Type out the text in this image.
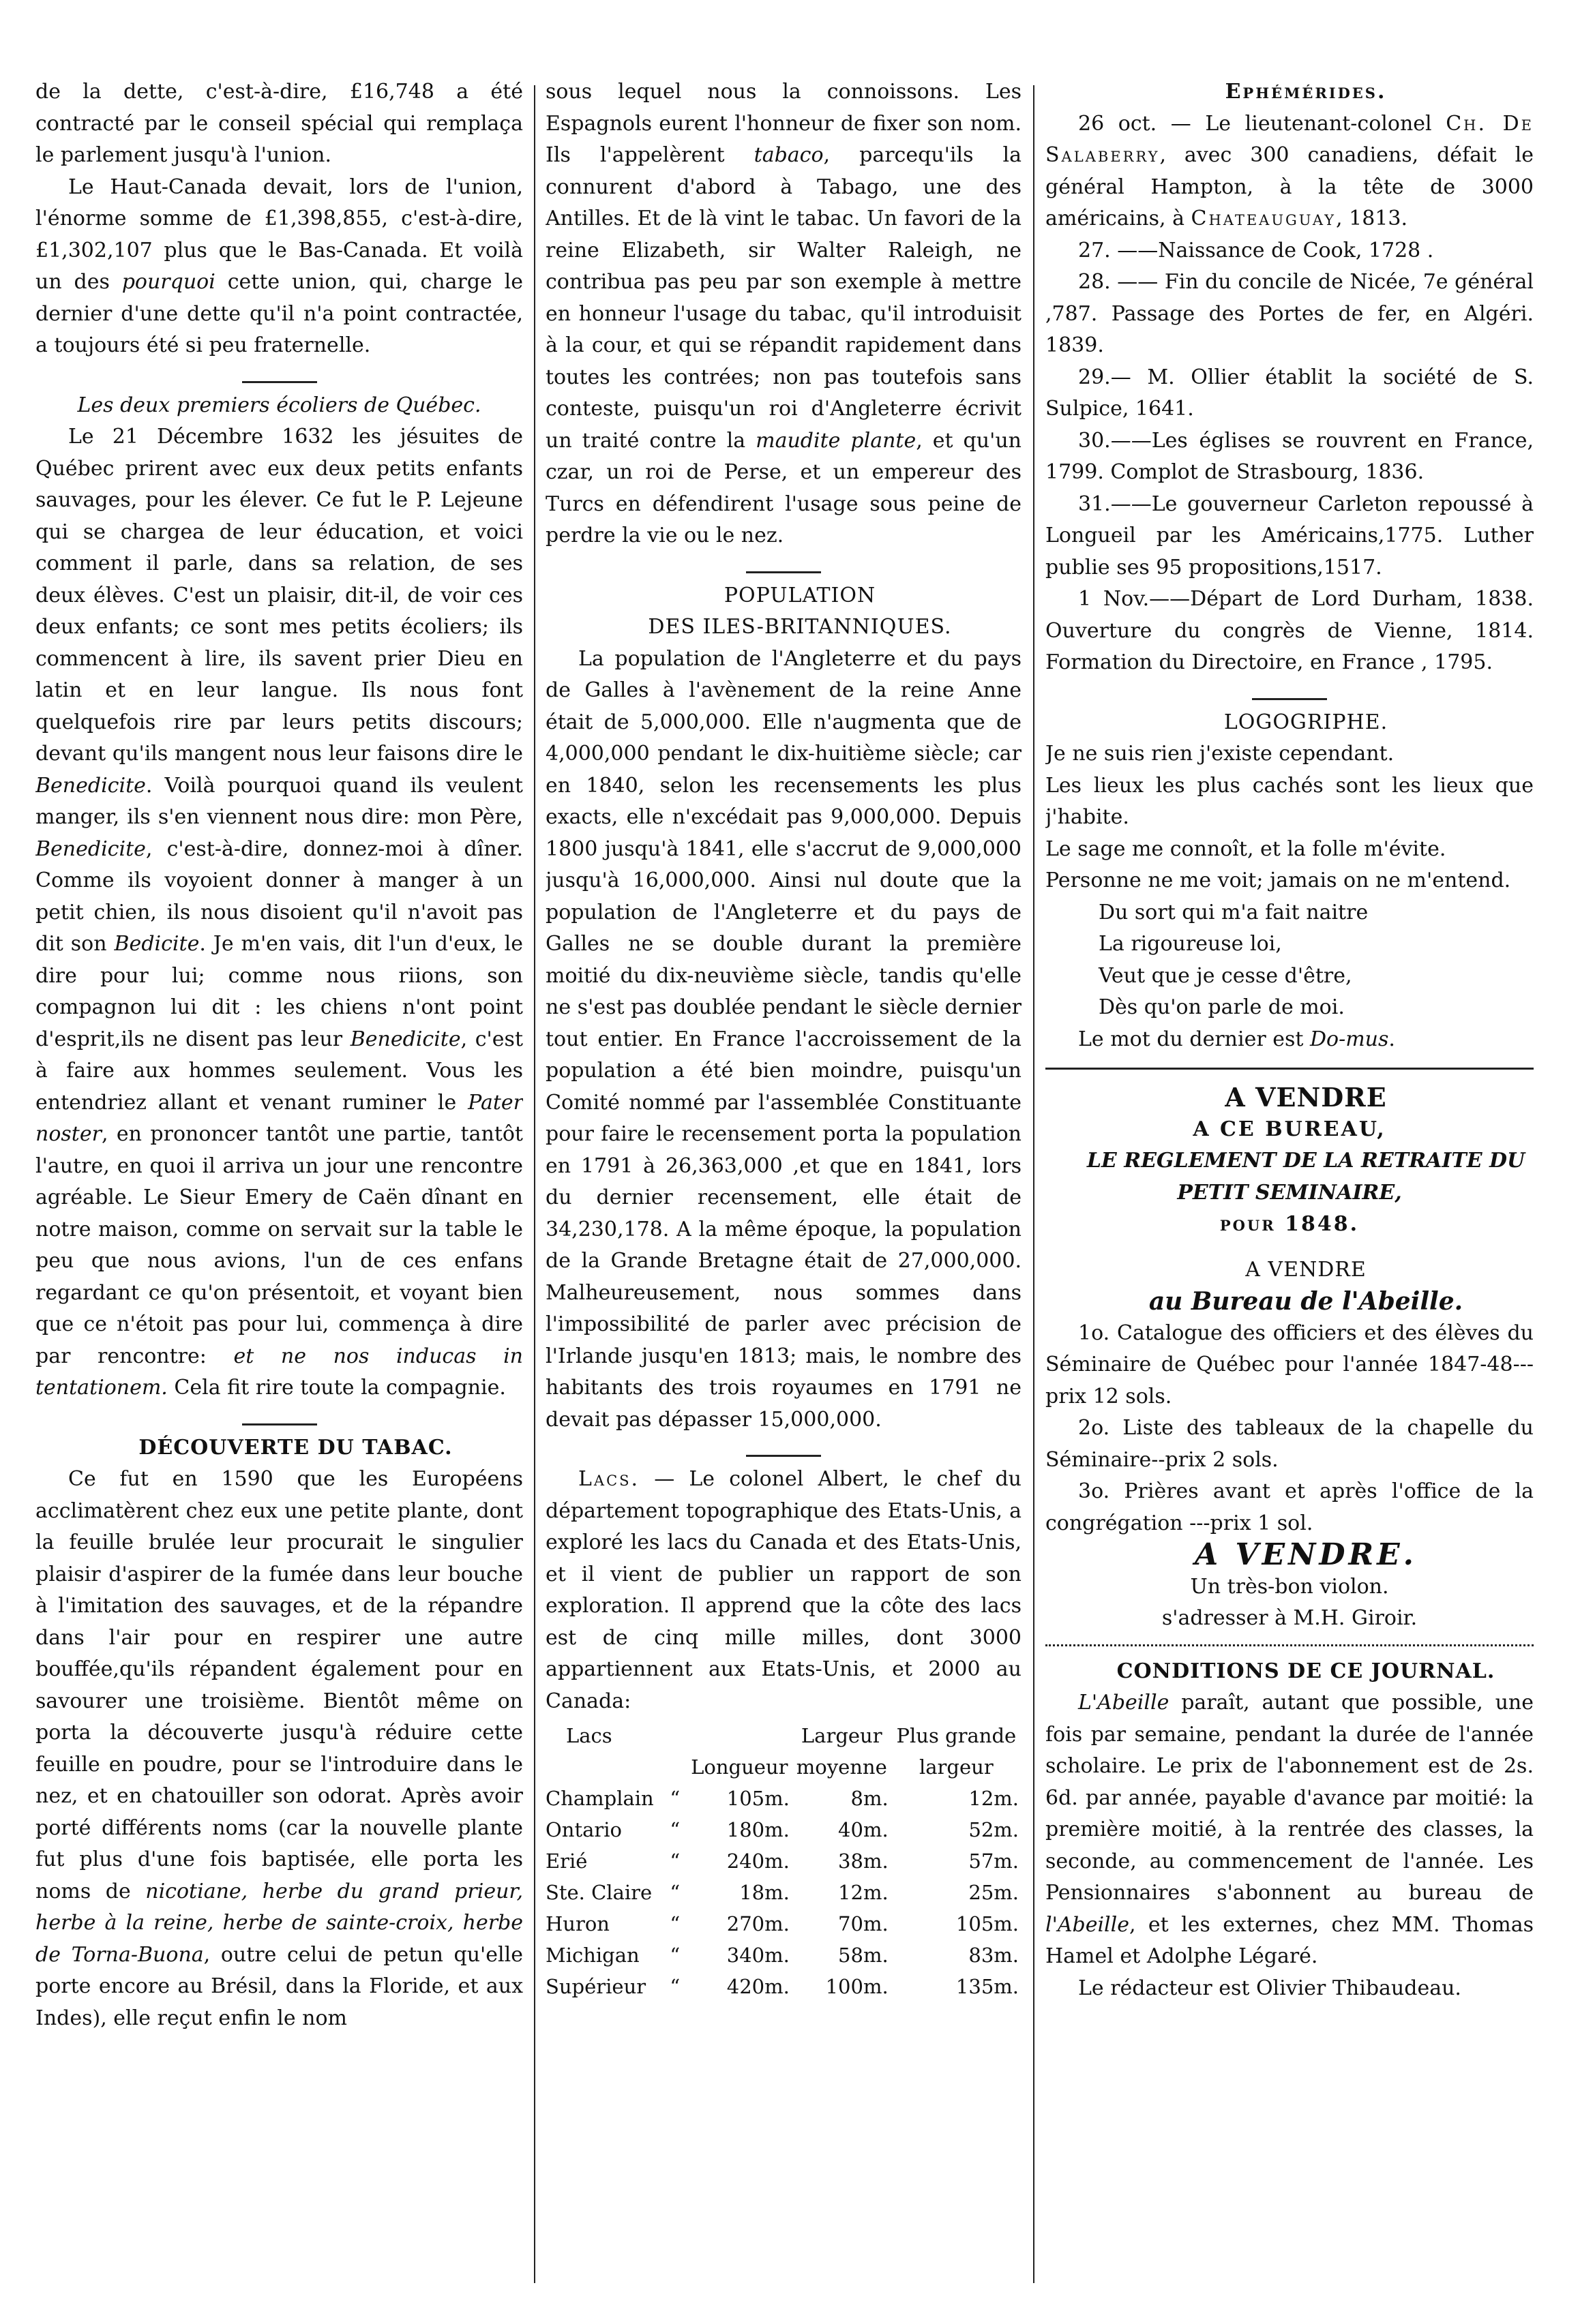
de la dette, c'est-à-dire, £16,748 a été contracté par le conseil spécial qui remplaça le parlement jusqu'à l'union.

Le Haut-Canada devait, lors de l'union, l'énorme somme de £1,398,855, c'est-à-dire, £1,302,107 plus que le Bas-Canada. Et voilà un des pourquoi cette union, qui, charge le dernier d'une dette qu'il n'a point contractée, a toujours été si peu fraternelle.

Les deux premiers écoliers de Québec.

Le 21 Décembre 1632 les jésuites de Québec prirent avec eux deux petits enfants sauvages, pour les élever. Ce fut le P. Lejeune qui se chargea de leur éducation, et voici comment il parle, dans sa relation, de ses deux élèves. C'est un plaisir, dit-il, de voir ces deux enfants; ce sont mes petits écoliers; ils commencent à lire, ils savent prier Dieu en latin et en leur langue. Ils nous font quelquefois rire par leurs petits discours; devant qu'ils mangent nous leur faisons dire le Benedicite. Voilà pourquoi quand ils veulent manger, ils s'en viennent nous dire: mon Père, Benedicite, c'est-à-dire, donnez-moi à dîner. Comme ils voyoient donner à manger à un petit chien, ils nous disoient qu'il n'avoit pas dit son Bedicite. Je m'en vais, dit l'un d'eux, le dire pour lui; comme nous riions, son compagnon lui dit : les chiens n'ont point d'esprit,ils ne disent pas leur Benedicite, c'est à faire aux hommes seulement. Vous les entendriez allant et venant ruminer le Pater noster, en prononcer tantôt une partie, tantôt l'autre, en quoi il arriva un jour une rencontre agréable. Le Sieur Emery de Caën dînant en notre maison, comme on servait sur la table le peu que nous avions, l'un de ces enfans regardant ce qu'on présentoit, et voyant bien que ce n'étoit pas pour lui, commença à dire par rencontre: et ne nos inducas in tentationem. Cela fit rire toute la compagnie.

DÉCOUVERTE DU TABAC.

Ce fut en 1590 que les Européens acclimatèrent chez eux une petite plante, dont la feuille brulée leur procurait le singulier plaisir d'aspirer de la fumée dans leur bouche à l'imitation des sauvages, et de la répandre dans l'air pour en respirer une autre bouffée,qu'ils répandent également pour en savourer une troisième. Bientôt même on porta la découverte jusqu'à réduire cette feuille en poudre, pour se l'introduire dans le nez, et en chatouiller son odorat. Après avoir porté différents noms (car la nouvelle plante fut plus d'une fois baptisée, elle porta les noms de nicotiane, herbe du grand prieur, herbe à la reine, herbe de sainte-croix, herbe de Torna-Buona, outre celui de petun qu'elle porte encore au Brésil, dans la Floride, et aux Indes), elle reçut enfin le nom

sous lequel nous la connoissons. Les Espagnols eurent l'honneur de fixer son nom. Ils l'appelèrent tabaco, parcequ'ils la connurent d'abord à Tabago, une des Antilles. Et de là vint le tabac. Un favori de la reine Elizabeth, sir Walter Raleigh, ne contribua pas peu par son exemple à mettre en honneur l'usage du tabac, qu'il introduisit à la cour, et qui se répandit rapidement dans toutes les contrées; non pas toutefois sans conteste, puisqu'un roi d'Angleterre écrivit un traité contre la maudite plante, et qu'un czar, un roi de Perse, et un empereur des Turcs en défendirent l'usage sous peine de perdre la vie ou le nez.

POPULATION

DES ILES-BRITANNIQUES.

La population de l'Angleterre et du pays de Galles à l'avènement de la reine Anne était de 5,000,000. Elle n'augmenta que de 4,000,000 pendant le dix-huitième siècle; car en 1840, selon les recensements les plus exacts, elle n'excédait pas 9,000,000. Depuis 1800 jusqu'à 1841, elle s'accrut de 9,000,000 jusqu'à 16,000,000. Ainsi nul doute que la population de l'Angleterre et du pays de Galles ne se double durant la première moitié du dix-neuvième siècle, tandis qu'elle ne s'est pas doublée pendant le siècle dernier tout entier. En France l'accroissement de la population a été bien moindre, puisqu'un Comité nommé par l'assemblée Constituante pour faire le recensement porta la population en 1791 à 26,363,000 ,et que en 1841, lors du dernier recensement, elle était de 34,230,178. A la même époque, la population de la Grande Bretagne était de 27,000,000. Malheureusement, nous sommes dans l'impossibilité de parler avec précision de l'Irlande jusqu'en 1813; mais, le nombre des habitants des trois royaumes en 1791 ne devait pas dépasser 15,000,000.

Lacs. — Le colonel Albert, le chef du département topographique des Etats-Unis, a exploré les lacs du Canada et des Etats-Unis, et il vient de publier un rapport de son exploration. Il apprend que la côte des lacs est de cinq mille milles, dont 3000 appartiennent aux Etats-Unis, et 2000 au Canada:

Lacs			Largeur	Plus grande
		Longueur	moyenne	largeur
Champlain	“	105m.	8m.	12m.
Ontario	“	180m.	40m.	52m.
Erié	“	240m.	38m.	57m.
Ste. Claire	“	18m.	12m.	25m.
Huron	“	270m.	70m.	105m.
Michigan	“	340m.	58m.	83m.
Supérieur	“	420m.	100m.	135m.

Ephémérides.

26 oct. — Le lieutenant-colonel Ch. De Salaberry, avec 300 canadiens, défait le général Hampton, à la tête de 3000 américains, à Chateauguay, 1813.

27. ——Naissance de Cook, 1728 .

28. —— Fin du concile de Nicée, 7e général ,787. Passage des Portes de fer, en Algéri. 1839.

29.— M. Ollier établit la société de S. Sulpice, 1641.

30.——Les églises se rouvrent en France, 1799. Complot de Strasbourg, 1836.

31.——Le gouverneur Carleton repoussé à Longueil par les Américains,1775. Luther publie ses 95 propositions,1517.

1 Nov.——Départ de Lord Durham, 1838. Ouverture du congrès de Vienne, 1814. Formation du Directoire, en France , 1795.

LOGOGRIPHE.

Je ne suis rien j'existe cependant.

Les lieux les plus cachés sont les lieux que j'habite.

Le sage me connoît, et la folle m'évite.

Personne ne me voit; jamais on ne m'entend.

Du sort qui m'a fait naitre

La rigoureuse loi,

Veut que je cesse d'être,

Dès qu'on parle de moi.

Le mot du dernier est Do-mus.

A VENDRE

A CE BUREAU,

LE REGLEMENT DE LA RETRAITE DU PETIT SEMINAIRE,

pour 1848.

A VENDRE

au Bureau de l'Abeille.

1o. Catalogue des officiers et des élèves du Séminaire de Québec pour l'année 1847-48---prix 12 sols.

2o. Liste des tableaux de la chapelle du Séminaire--prix 2 sols.

3o. Prières avant et après l'office de la congrégation ---prix 1 sol.

A VENDRE.

Un très-bon violon.

s'adresser à M.H. Giroir.

CONDITIONS DE CE JOURNAL.

L'Abeille paraît, autant que possible, une fois par semaine, pendant la durée de l'année scholaire. Le prix de l'abonnement est de 2s. 6d. par année, payable d'avance par moitié: la première moitié, à la rentrée des classes, la seconde, au commencement de l'année. Les Pensionnaires s'abonnent au bureau de l'Abeille, et les externes, chez MM. Thomas Hamel et Adolphe Légaré.

Le rédacteur est Olivier Thibaudeau.
